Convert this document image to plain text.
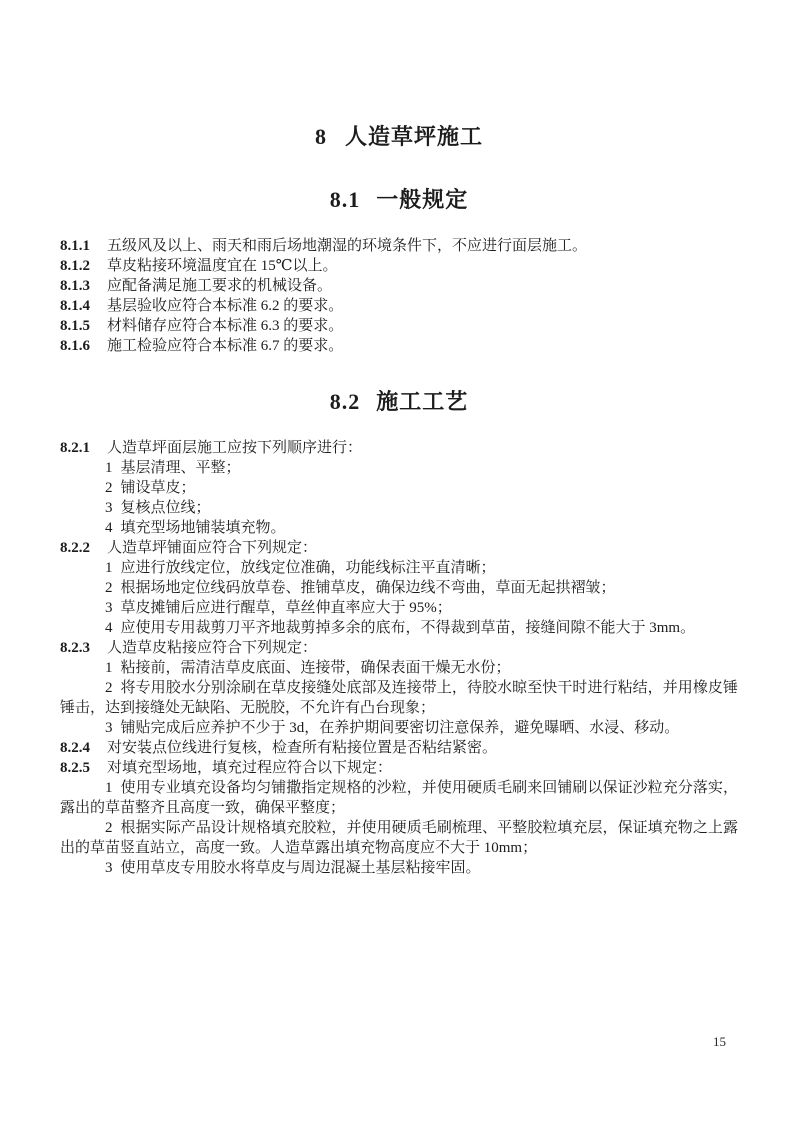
8 人造草坪施工
8.1 一般规定

8.1.1 五级风及以上、雨天和雨后场地潮湿的环境条件下，不应进行面层施工。

8.1.2 草皮粘接环境温度宜在 15℃以上。

8.1.3 应配备满足施工要求的机械设备。

8.1.4 基层验收应符合本标准 6.2 的要求。

8.1.5 材料储存应符合本标准 6.3 的要求。

8.1.6 施工检验应符合本标准 6.7 的要求。

8.2 施工工艺

8.2.1 人造草坪面层施工应按下列顺序进行：

1 基层清理、平整；

2 铺设草皮；

3 复核点位线；

4 填充型场地铺装填充物。

8.2.2 人造草坪铺面应符合下列规定：

1 应进行放线定位，放线定位准确，功能线标注平直清晰；

2 根据场地定位线码放草卷、推铺草皮，确保边线不弯曲，草面无起拱褶皱；

3 草皮摊铺后应进行醒草，草丝伸直率应大于 95%；

4 应使用专用裁剪刀平齐地裁剪掉多余的底布，不得裁到草苗，接缝间隙不能大于 3mm。

8.2.3 人造草皮粘接应符合下列规定：

1 粘接前，需清洁草皮底面、连接带，确保表面干燥无水份；

2 将专用胶水分别涂刷在草皮接缝处底部及连接带上，待胶水晾至快干时进行粘结，并用橡皮锤锤击，达到接缝处无缺陷、无脱胶，不允许有凸台现象；

3 铺贴完成后应养护不少于 3d，在养护期间要密切注意保养，避免曝晒、水浸、移动。

8.2.4 对安装点位线进行复核，检查所有粘接位置是否粘结紧密。

8.2.5 对填充型场地，填充过程应符合以下规定：

1 使用专业填充设备均匀铺撒指定规格的沙粒，并使用硬质毛刷来回铺刷以保证沙粒充分落实，露出的草苗整齐且高度一致，确保平整度；

2 根据实际产品设计规格填充胶粒，并使用硬质毛刷梳理、平整胶粒填充层，保证填充物之上露出的草苗竖直站立，高度一致。人造草露出填充物高度应不大于 10mm；

3 使用草皮专用胶水将草皮与周边混凝土基层粘接牢固。

15
